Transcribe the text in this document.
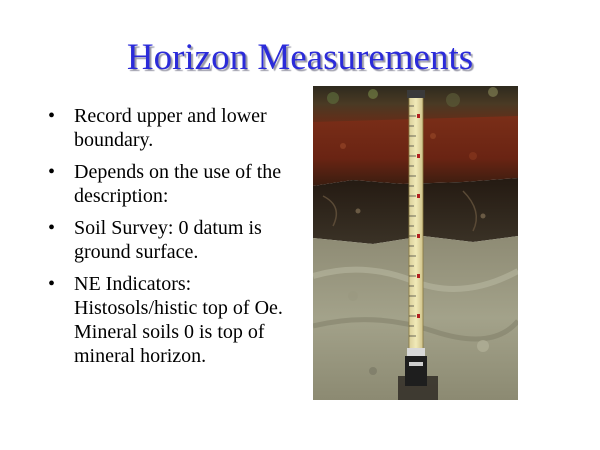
Horizon Measurements
• Record upper and lower boundary.
• Depends on the use of the description:
• Soil Survey: 0 datum is ground surface.
• NE Indicators: Histosols/histic top of Oe. Mineral soils 0 is top of mineral horizon.
